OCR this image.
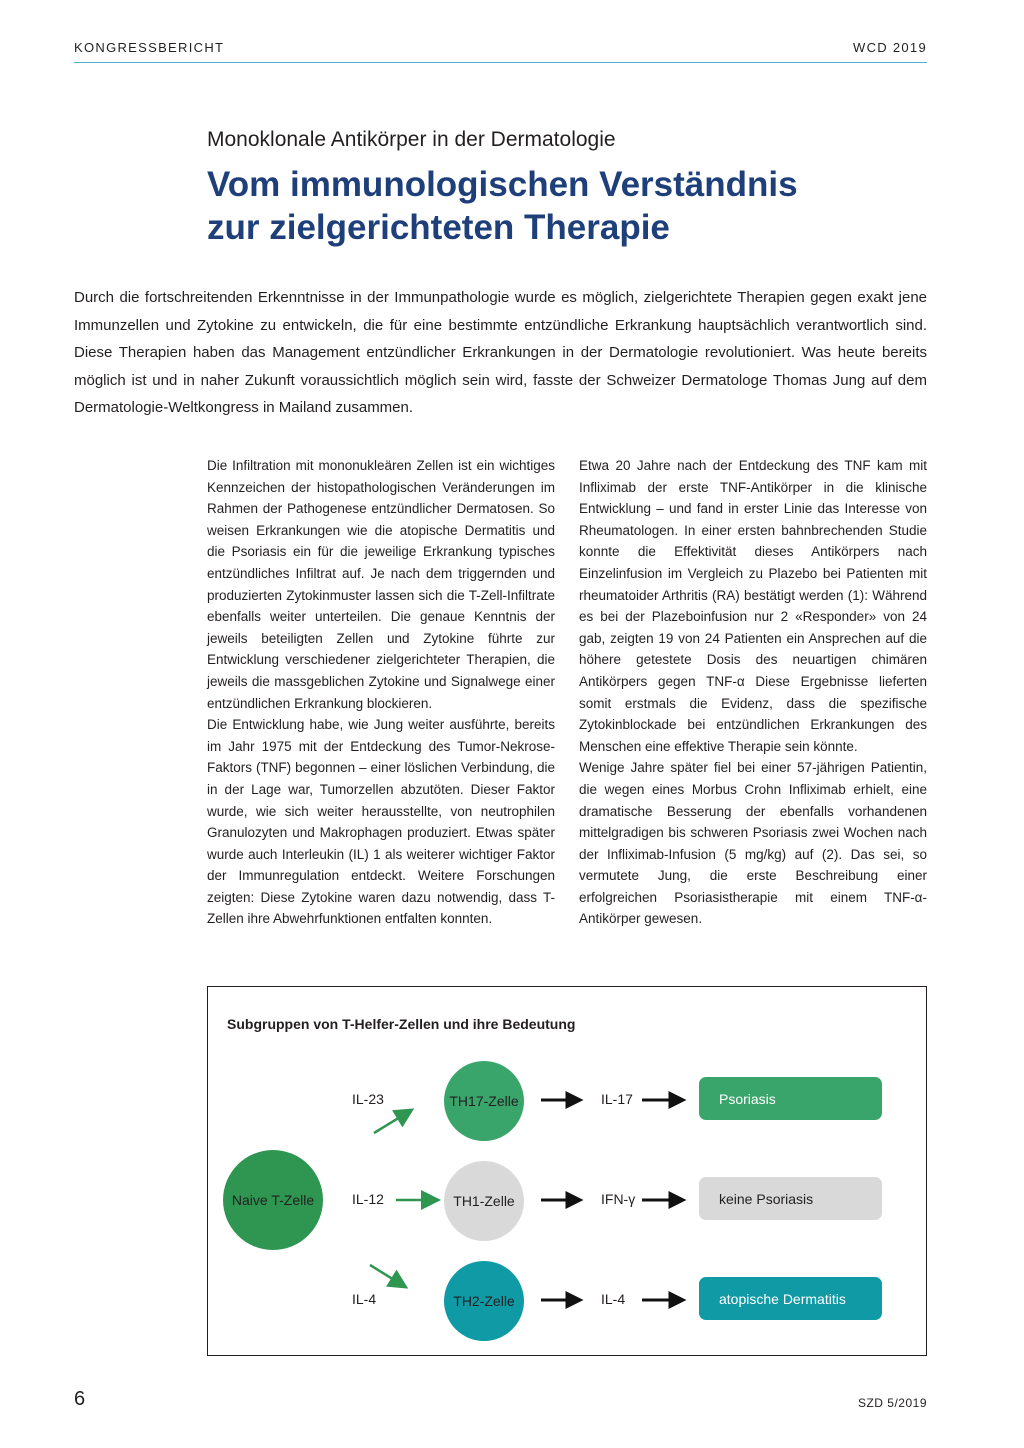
KONGRESSBERICHT	WCD 2019
Monoklonale Antikörper in der Dermatologie
Vom immunologischen Verständnis
zur zielgerichteten Therapie

Durch die fortschreitenden Erkenntnisse in der Immunpathologie wurde es möglich, zielgerichtete Therapien gegen exakt jene Immunzellen und Zytokine zu entwickeln, die für eine bestimmte entzündliche Erkrankung hauptsächlich verantwortlich sind. Diese Therapien haben das Management entzündlicher Erkrankungen in der Dermatologie revolutioniert. Was heute bereits möglich ist und in naher Zukunft voraussichtlich möglich sein wird, fasste der Schweizer Dermatologe Thomas Jung auf dem Dermatologie-Weltkongress in Mailand zusammen.

Die Infiltration mit mononukleären Zellen ist ein wichtiges Kennzeichen der histopathologischen Veränderungen im Rahmen der Pathogenese entzündlicher Dermatosen. So weisen Erkrankungen wie die atopische Dermatitis und die Psoriasis ein für die jeweilige Erkrankung typisches entzündliches Infiltrat auf. Je nach dem triggernden und produzierten Zytokinmuster lassen sich die T-Zell-Infiltrate ebenfalls weiter unterteilen. Die genaue Kenntnis der jeweils beteiligten Zellen und Zytokine führte zur Entwicklung verschiedener zielgerichteter Therapien, die jeweils die massgeblichen Zytokine und Signalwege einer entzündlichen Erkrankung blockieren.

Die Entwicklung habe, wie Jung weiter ausführte, bereits im Jahr 1975 mit der Entdeckung des Tumor-Nekrose-Faktors (TNF) begonnen – einer löslichen Verbindung, die in der Lage war, Tumorzellen abzutöten. Dieser Faktor wurde, wie sich weiter herausstellte, von neutrophilen Granulozyten und Makrophagen produziert. Etwas später wurde auch Interleukin (IL) 1 als weiterer wichtiger Faktor der Immunregulation entdeckt. Weitere Forschungen zeigten: Diese Zytokine waren dazu notwendig, dass T-Zellen ihre Abwehrfunktionen entfalten konnten.

Etwa 20 Jahre nach der Entdeckung des TNF kam mit Infliximab der erste TNF-Antikörper in die klinische Entwicklung – und fand in erster Linie das Interesse von Rheumatologen. In einer ersten bahnbrechenden Studie konnte die Effektivität dieses Antikörpers nach Einzelinfusion im Vergleich zu Plazebo bei Patienten mit rheumatoider Arthritis (RA) bestätigt werden (1): Während es bei der Plazeboinfusion nur 2 «Responder» von 24 gab, zeigten 19 von 24 Patienten ein Ansprechen auf die höhere getestete Dosis des neuartigen chimären Antikörpers gegen TNF-α Diese Ergebnisse lieferten somit erstmals die Evidenz, dass die spezifische Zytokinblockade bei entzündlichen Erkrankungen des Menschen eine effektive Therapie sein könnte.

Wenige Jahre später fiel bei einer 57-jährigen Patientin, die wegen eines Morbus Crohn Infliximab erhielt, eine dramatische Besserung der ebenfalls vorhandenen mittelgradigen bis schweren Psoriasis zwei Wochen nach der Infliximab-Infusion (5 mg/kg) auf (2). Das sei, so vermutete Jung, die erste Beschreibung einer erfolgreichen Psoriasistherapie mit einem TNF-α-Antikörper gewesen.

Subgruppen von T-Helfer-Zellen und ihre Bedeutung
Naive T-Zelle
IL-23
IL-12
IL-4
TH17-Zelle
TH1-Zelle
TH2-Zelle
IL-17
IFN-γ
IL-4
Psoriasis
keine Psoriasis
atopische Dermatitis
6	SZD 5/2019
